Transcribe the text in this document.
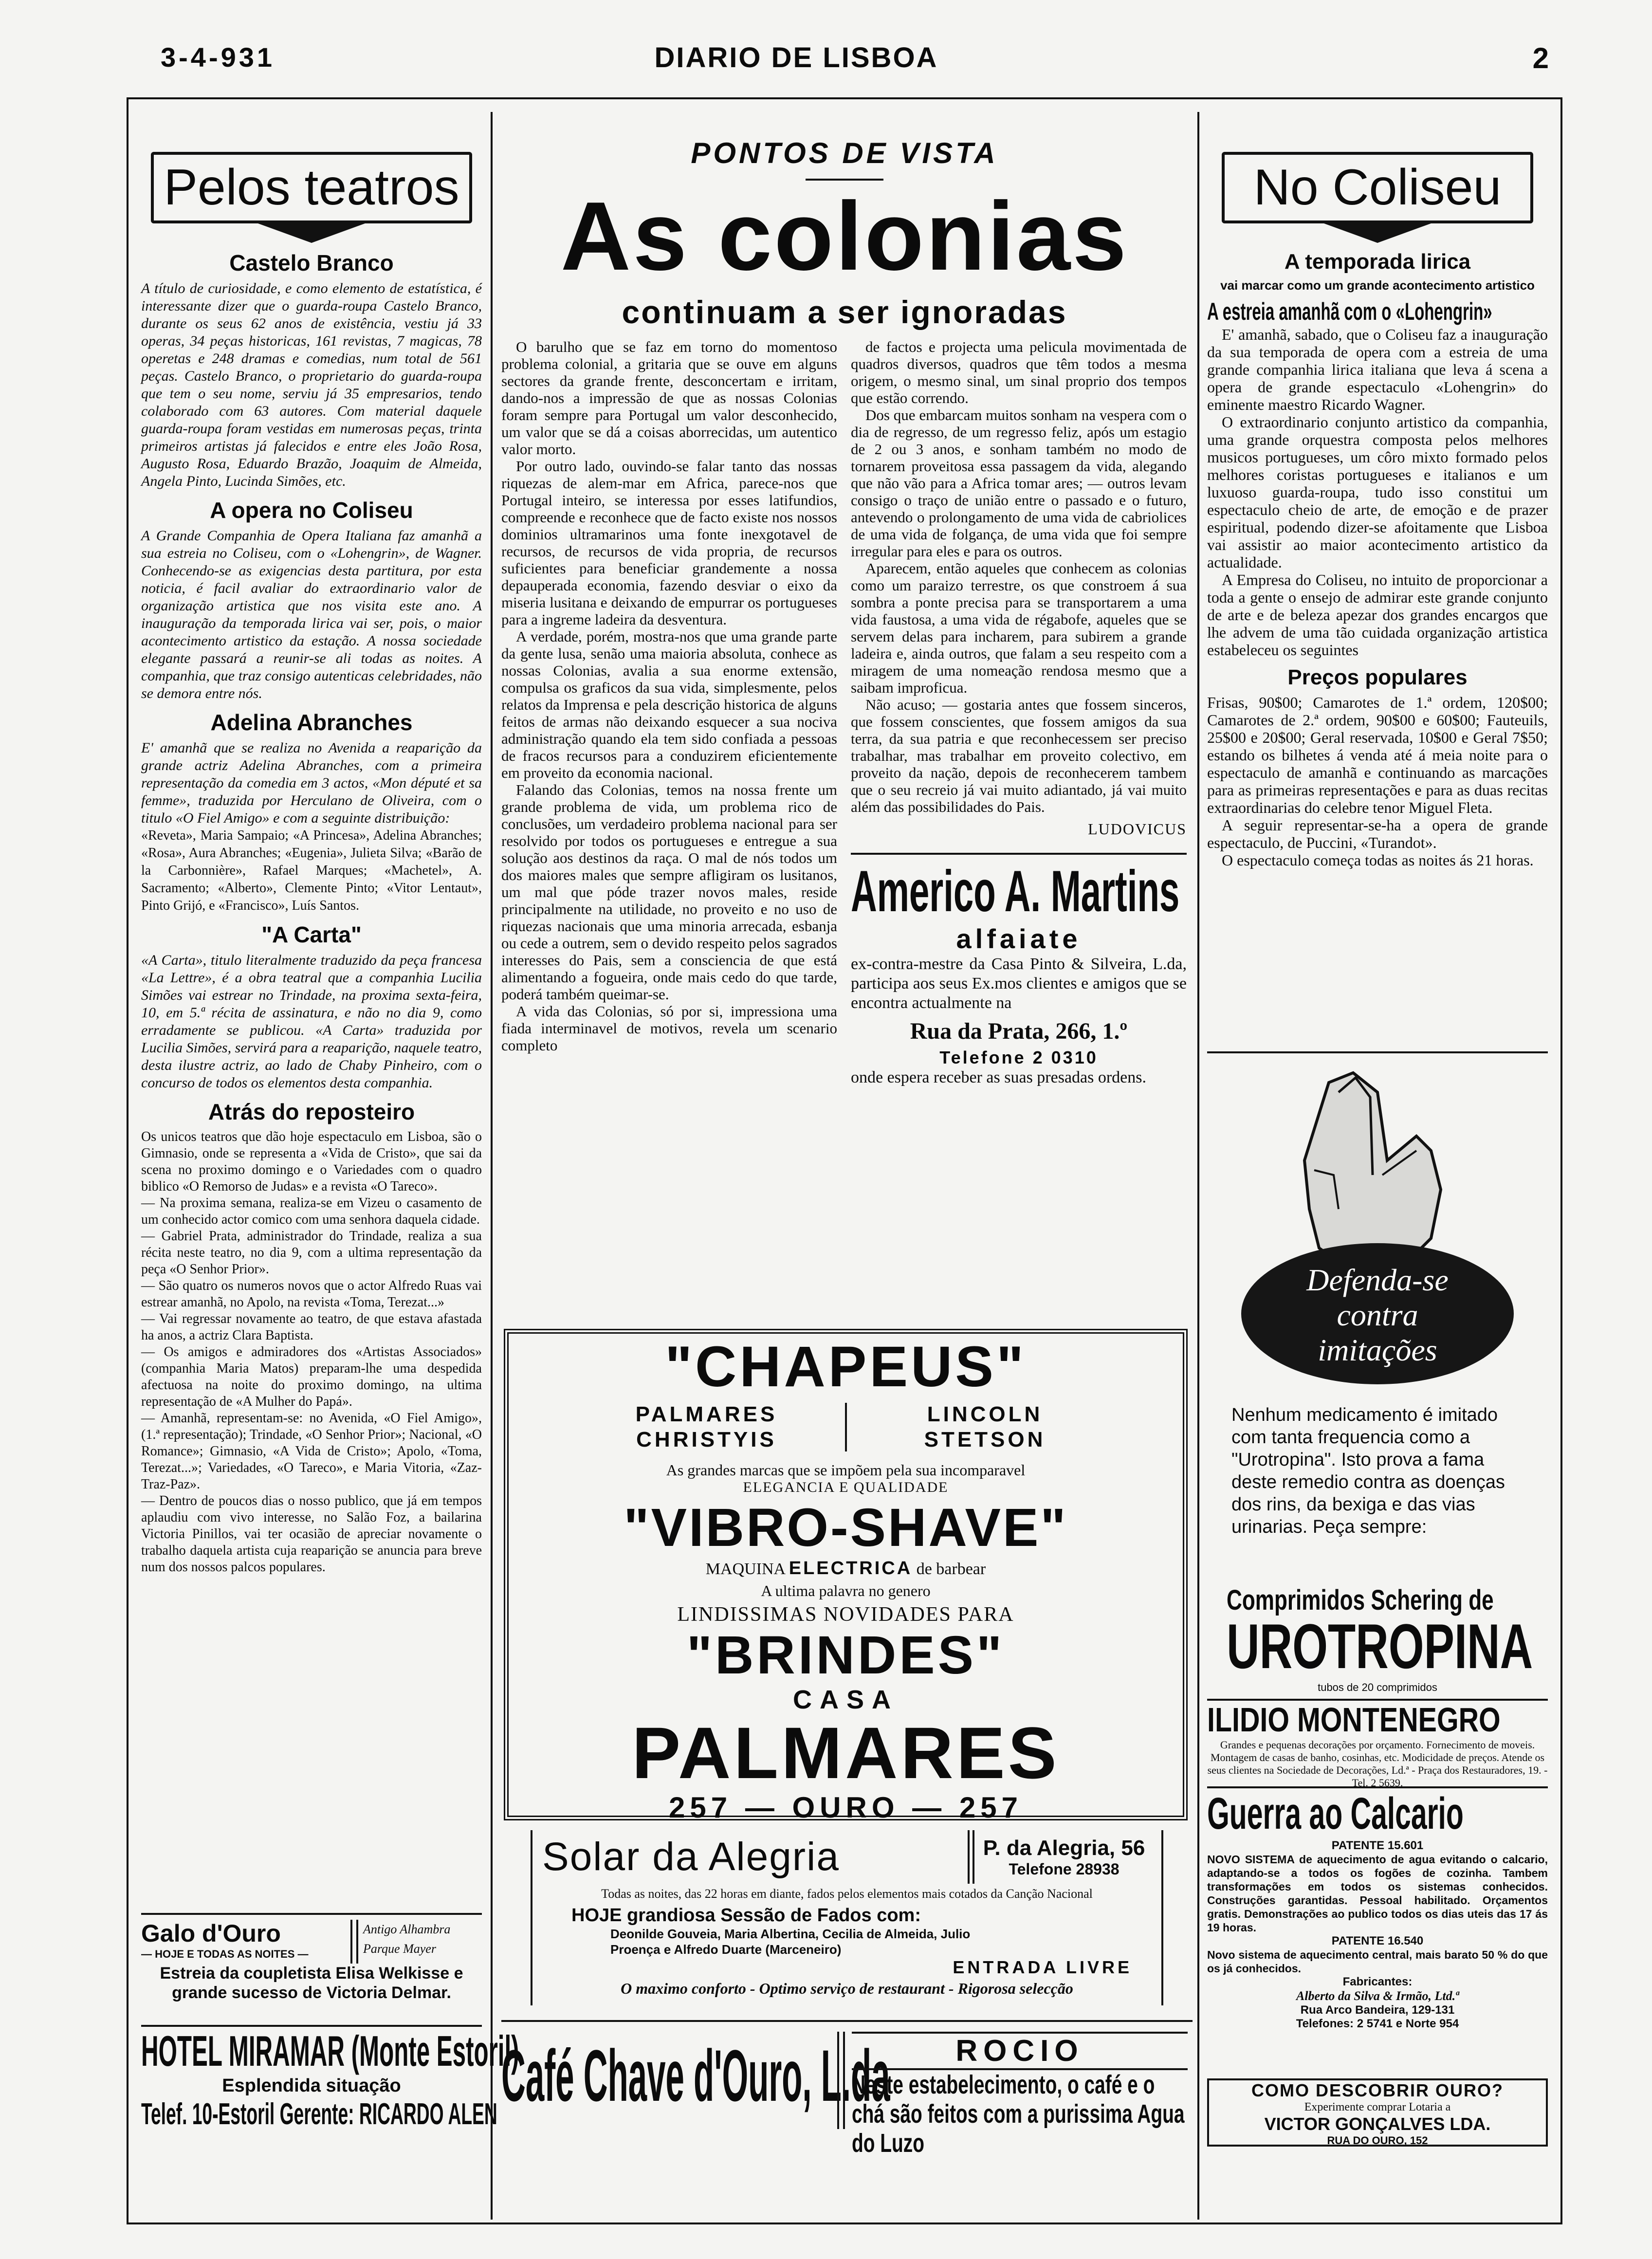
3-4-931	DIARIO DE LISBOA	2
Pelos teatros
Castelo Branco

A título de curiosidade, e como elemento de estatística, é interessante dizer que o guarda-roupa Castelo Branco, durante os seus 62 anos de existência, vestiu já 33 operas, 34 peças historicas, 161 revistas, 7 magicas, 78 operetas e 248 dramas e comedias, num total de 561 peças. Castelo Branco, o proprietario do guarda-roupa que tem o seu nome, serviu já 35 empresarios, tendo colaborado com 63 autores. Com material daquele guarda-roupa foram vestidas em numerosas peças, trinta primeiros artistas já falecidos e entre eles João Rosa, Augusto Rosa, Eduardo Brazão, Joaquim de Almeida, Angela Pinto, Lucinda Simões, etc.

A opera no Coliseu

A Grande Companhia de Opera Italiana faz amanhã a sua estreia no Coliseu, com o «Lohengrin», de Wagner. Conhecendo-se as exigencias desta partitura, por esta noticia, é facil avaliar do extraordinario valor de organização artistica que nos visita este ano. A inauguração da temporada lirica vai ser, pois, o maior acontecimento artistico da estação. A nossa sociedade elegante passará a reunir-se ali todas as noites. A companhia, que traz consigo autenticas celebridades, não se demora entre nós.

Adelina Abranches

E' amanhã que se realiza no Avenida a reaparição da grande actriz Adelina Abranches, com a primeira representação da comedia em 3 actos, «Mon député et sa femme», traduzida por Herculano de Oliveira, com o titulo «O Fiel Amigo» e com a seguinte distribuição:

«Reveta», Maria Sampaio; «A Princesa», Adelina Abranches; «Rosa», Aura Abranches; «Eugenia», Julieta Silva; «Barão de la Carbonnière», Rafael Marques; «Machetel», A. Sacramento; «Alberto», Clemente Pinto; «Vitor Lentaut», Pinto Grijó, e «Francisco», Luís Santos.

"A Carta"

«A Carta», titulo literalmente traduzido da peça francesa «La Lettre», é a obra teatral que a companhia Lucilia Simões vai estrear no Trindade, na proxima sexta-feira, 10, em 5.ª récita de assinatura, e não no dia 9, como erradamente se publicou. «A Carta» traduzida por Lucilia Simões, servirá para a reaparição, naquele teatro, desta ilustre actriz, ao lado de Chaby Pinheiro, com o concurso de todos os elementos desta companhia.

Atrás do reposteiro

Os unicos teatros que dão hoje espectaculo em Lisboa, são o Gimnasio, onde se representa a «Vida de Cristo», que sai da scena no proximo domingo e o Variedades com o quadro biblico «O Remorso de Judas» e a revista «O Tareco».

— Na proxima semana, realiza-se em Vizeu o casamento de um conhecido actor comico com uma senhora daquela cidade.

— Gabriel Prata, administrador do Trindade, realiza a sua récita neste teatro, no dia 9, com a ultima representação da peça «O Senhor Prior».

— São quatro os numeros novos que o actor Alfredo Ruas vai estrear amanhã, no Apolo, na revista «Toma, Terezat...»

— Vai regressar novamente ao teatro, de que estava afastada ha anos, a actriz Clara Baptista.

— Os amigos e admiradores dos «Artistas Associados» (companhia Maria Matos) preparam-lhe uma despedida afectuosa na noite do proximo domingo, na ultima representação de «A Mulher do Papá».

— Amanhã, representam-se: no Avenida, «O Fiel Amigo», (1.ª representação); Trindade, «O Senhor Prior»; Nacional, «O Romance»; Gimnasio, «A Vida de Cristo»; Apolo, «Toma, Terezat...»; Variedades, «O Tareco», e Maria Vitoria, «Zaz-Traz-Paz».

— Dentro de poucos dias o nosso publico, que já em tempos aplaudiu com vivo interesse, no Salão Foz, a bailarina Victoria Pinillos, vai ter ocasião de apreciar novamente o trabalho daquela artista cuja reaparição se anuncia para breve num dos nossos palcos populares.

Galo d'Ouro
— HOJE E TODAS AS NOITES —
Antigo Alhambra
Parque Mayer
Estreia da coupletista Elisa Welkisse e grande sucesso de Victoria Delmar.
HOTEL MIRAMAR (Monte Estoril)
Esplendida situação
Telef. 10-Estoril Gerente: RICARDO ALEN
PONTOS DE VISTA
As colonias
continuam a ser ignoradas

O barulho que se faz em torno do momentoso problema colonial, a gritaria que se ouve em alguns sectores da grande frente, desconcertam e irritam, dando-nos a impressão de que as nossas Colonias foram sempre para Portugal um valor desconhecido, um valor que se dá a coisas aborrecidas, um autentico valor morto.

Por outro lado, ouvindo-se falar tanto das nossas riquezas de alem-mar em Africa, parece-nos que Portugal inteiro, se interessa por esses latifundios, compreende e reconhece que de facto existe nos nossos dominios ultramarinos uma fonte inexgotavel de recursos, de recursos de vida propria, de recursos suficientes para beneficiar grandemente a nossa depauperada economia, fazendo desviar o eixo da miseria lusitana e deixando de empurrar os portugueses para a ingreme ladeira da desventura.

A verdade, porém, mostra-nos que uma grande parte da gente lusa, senão uma maioria absoluta, conhece as nossas Colonias, avalia a sua enorme extensão, compulsa os graficos da sua vida, simplesmente, pelos relatos da Imprensa e pela descrição historica de alguns feitos de armas não deixando esquecer a sua nociva administração quando ela tem sido confiada a pessoas de fracos recursos para a conduzirem eficientemente em proveito da economia nacional.

Falando das Colonias, temos na nossa frente um grande problema de vida, um problema rico de conclusões, um verdadeiro problema nacional para ser resolvido por todos os portugueses e entregue a sua solução aos destinos da raça. O mal de nós todos um dos maiores males que sempre afligiram os lusitanos, um mal que póde trazer novos males, reside principalmente na utilidade, no proveito e no uso de riquezas nacionais que uma minoria arrecada, esbanja ou cede a outrem, sem o devido respeito pelos sagrados interesses do Pais, sem a consciencia de que está alimentando a fogueira, onde mais cedo do que tarde, poderá também queimar-se.

A vida das Colonias, só por si, impressiona uma fiada interminavel de motivos, revela um scenario completo

de factos e projecta uma pelicula movimentada de quadros diversos, quadros que têm todos a mesma origem, o mesmo sinal, um sinal proprio dos tempos que estão correndo.

Dos que embarcam muitos sonham na vespera com o dia de regresso, de um regresso feliz, após um estagio de 2 ou 3 anos, e sonham também no modo de tornarem proveitosa essa passagem da vida, alegando que não vão para a Africa tomar ares; — outros levam consigo o traço de união entre o passado e o futuro, antevendo o prolongamento de uma vida de cabriolices de uma vida de folgança, de uma vida que foi sempre irregular para eles e para os outros.

Aparecem, então aqueles que conhecem as colonias como um paraizo terrestre, os que constroem á sua sombra a ponte precisa para se transportarem a uma vida faustosa, a uma vida de régabofe, aqueles que se servem delas para incharem, para subirem a grande ladeira e, ainda outros, que falam a seu respeito com a miragem de uma nomeação rendosa mesmo que a saibam improficua.

Não acuso; — gostaria antes que fossem sinceros, que fossem conscientes, que fossem amigos da sua terra, da sua patria e que reconhecessem ser preciso trabalhar, mas trabalhar em proveito colectivo, em proveito da nação, depois de reconhecerem tambem que o seu recreio já vai muito adiantado, já vai muito além das possibilidades do Pais.

LUDOVICUS
Americo A. Martins
alfaiate

ex-contra-mestre da Casa Pinto & Silveira, L.da, participa aos seus Ex.mos clientes e amigos que se encontra actualmente na

Rua da Prata, 266, 1.º
Telefone 2 0310

onde espera receber as suas presadas ordens.

"CHAPEUS"
PALMARES
CHRISTYIS
LINCOLN
STETSON
As grandes marcas que se impõem pela sua incomparavel
ELEGANCIA E QUALIDADE
"VIBRO-SHAVE"
MAQUINA ELECTRICA de barbear
A ultima palavra no genero
LINDISSIMAS NOVIDADES PARA
"BRINDES"
CASA
PALMARES
257 — OURO — 257
Solar da Alegria	P. da Alegria, 56
Telefone 28938
Todas as noites, das 22 horas em diante, fados pelos elementos mais cotados da Canção Nacional
HOJE grandiosa Sessão de Fados com:
Deonilde Gouveia, Maria Albertina, Cecilia de Almeida, Julio Proença e Alfredo Duarte (Marceneiro)
ENTRADA LIVRE
O maximo conforto - Optimo serviço de restaurant - Rigorosa selecção
Café Chave d'Ouro, L.da	ROCIO
Neste estabelecimento, o café e o chá são feitos com a purissima Agua do Luzo
No Coliseu
A temporada lirica
vai marcar como um grande acontecimento artistico
A estreia amanhã com o «Lohengrin»

E' amanhã, sabado, que o Coliseu faz a inauguração da sua temporada de opera com a estreia de uma grande companhia lirica italiana que leva á scena a opera de grande espectaculo «Lohengrin» do eminente maestro Ricardo Wagner.

O extraordinario conjunto artistico da companhia, uma grande orquestra composta pelos melhores musicos portugueses, um côro mixto formado pelos melhores coristas portugueses e italianos e um luxuoso guarda-roupa, tudo isso constitui um espectaculo cheio de arte, de emoção e de prazer espiritual, podendo dizer-se afoitamente que Lisboa vai assistir ao maior acontecimento artistico da actualidade.

A Empresa do Coliseu, no intuito de proporcionar a toda a gente o ensejo de admirar este grande conjunto de arte e de beleza apezar dos grandes encargos que lhe advem de uma tão cuidada organização artistica estabeleceu os seguintes

Preços populares

Frisas, 90$00; Camarotes de 1.ª ordem, 120$00; Camarotes de 2.ª ordem, 90$00 e 60$00; Fauteuils, 25$00 e 20$00; Geral reservada, 10$00 e Geral 7$50; estando os bilhetes á venda até á meia noite para o espectaculo de amanhã e continuando as marcações para as primeiras representações e para as duas recitas extraordinarias do celebre tenor Miguel Fleta.

A seguir representar-se-ha a opera de grande espectaculo, de Puccini, «Turandot».

O espectaculo começa todas as noites ás 21 horas.

Defenda-se
contra
imitações

Nenhum medicamento é imitado com tanta frequencia como a "Urotropina". Isto prova a fama deste remedio contra as doenças dos rins, da bexiga e das vias urinarias. Peça sempre:

Comprimidos Schering de
UROTROPINA
tubos de 20 comprimidos
ILIDIO MONTENEGRO

Grandes e pequenas decorações por orçamento. Fornecimento de moveis. Montagem de casas de banho, cosinhas, etc. Modicidade de preços. Atende os seus clientes na Sociedade de Decorações, Ld.ª - Praça dos Restauradores, 19. - Tel. 2 5639.

Guerra ao Calcario
PATENTE 15.601

NOVO SISTEMA de aquecimento de agua evitando o calcario, adaptando-se a todos os fogões de cozinha. Tambem transformações em todos os sistemas conhecidos. Construções garantidas. Pessoal habilitado. Orçamentos gratis. Demonstrações ao publico todos os dias uteis das 17 ás 19 horas.

PATENTE 16.540

Novo sistema de aquecimento central, mais barato 50 % do que os já conhecidos.

Fabricantes:
Alberto da Silva & Irmão, Ltd.ª
Rua Arco Bandeira, 129-131
Telefones: 2 5741 e Norte 954
COMO DESCOBRIR OURO?
Experimente comprar Lotaria a
VICTOR GONÇALVES LDA.
RUA DO OURO, 152
